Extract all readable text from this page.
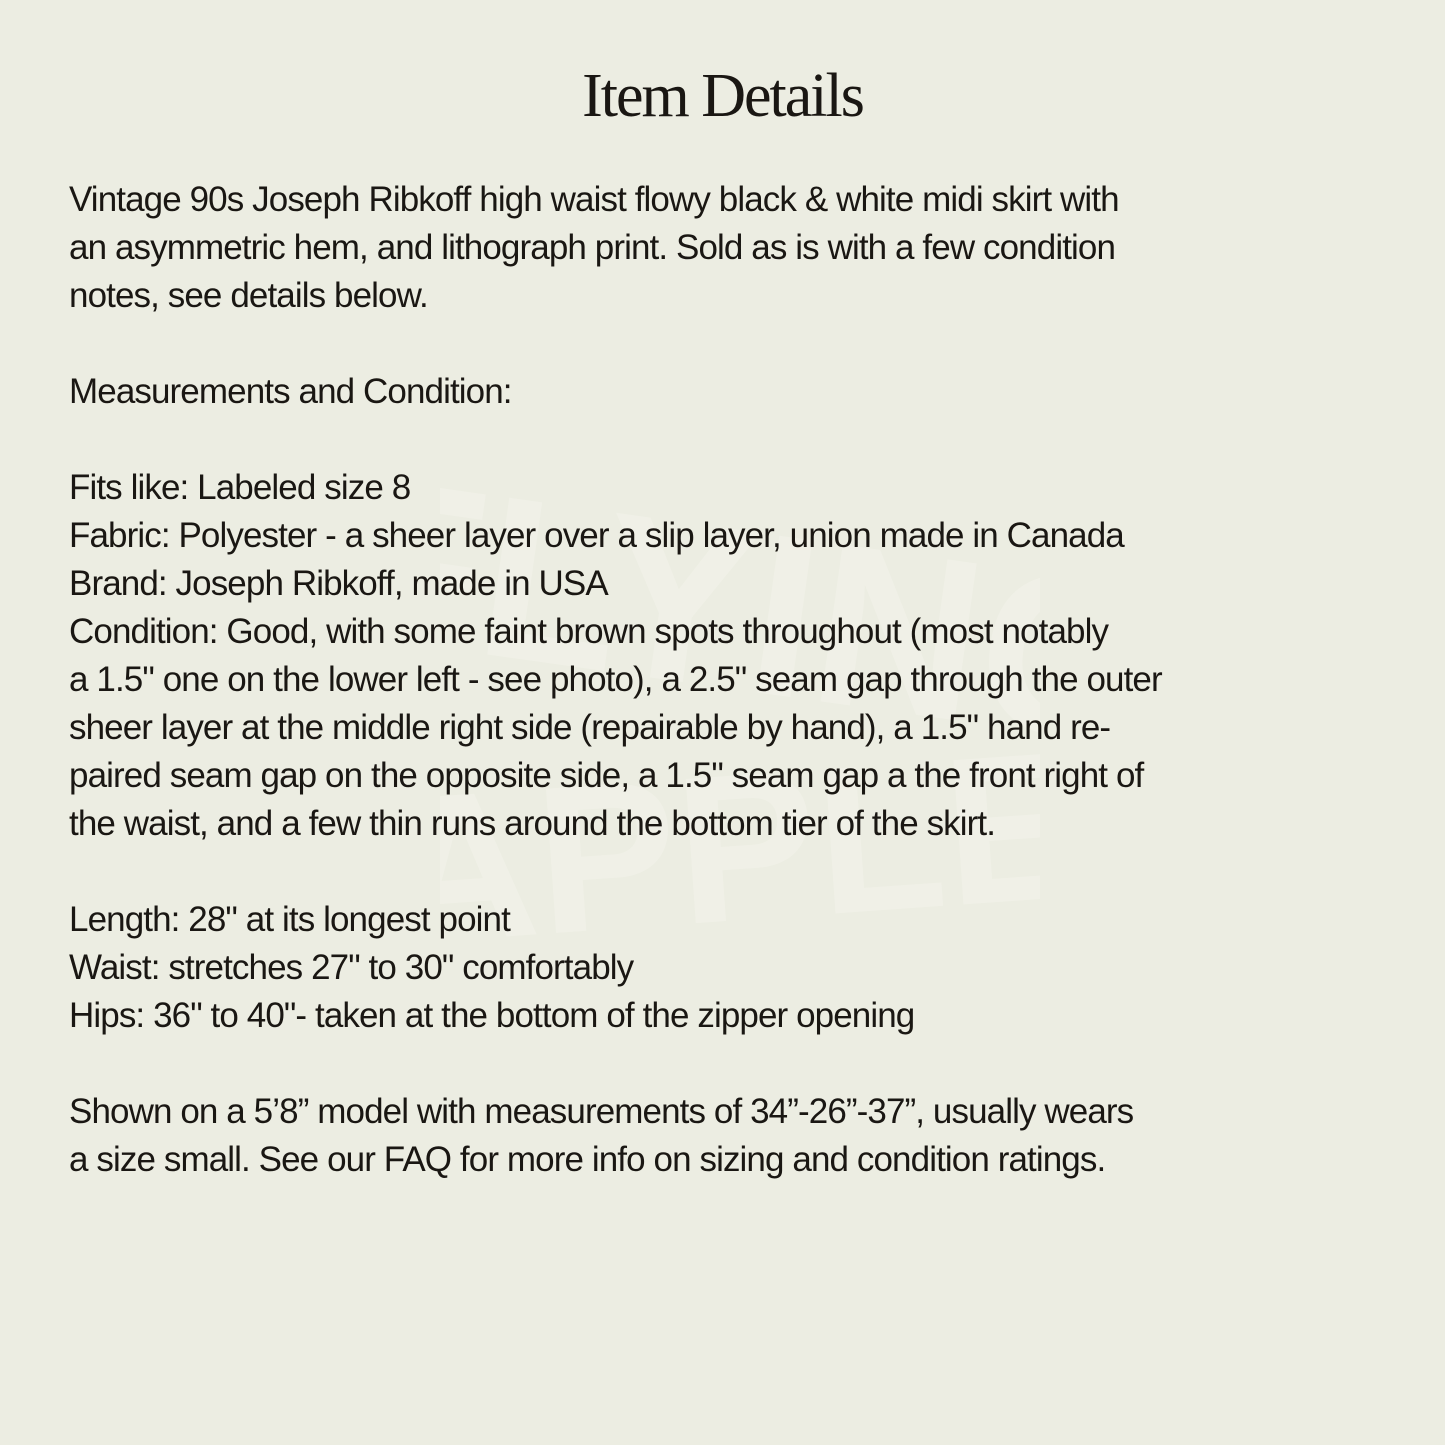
FLYING
APPLE
Item Details

Vintage 90s Joseph Ribkoff high waist flowy black & white midi skirt with
an asymmetric hem, and lithograph print. Sold as is with a few condition
notes, see details below.

Measurements and Condition:

Fits like: Labeled size 8
Fabric: Polyester - a sheer layer over a slip layer, union made in Canada
Brand: Joseph Ribkoff, made in USA
Condition: Good, with some faint brown spots throughout (most notably
a 1.5" one on the lower left - see photo), a 2.5" seam gap through the outer
sheer layer at the middle right side (repairable by hand), a 1.5" hand re-
paired seam gap on the opposite side, a 1.5" seam gap a the front right of
the waist, and a few thin runs around the bottom tier of the skirt.

Length: 28" at its longest point
Waist: stretches 27" to 30" comfortably
Hips: 36" to 40"- taken at the bottom of the zipper opening

Shown on a 5’8” model with measurements of 34”-26”-37”, usually wears
a size small. See our FAQ for more info on sizing and condition ratings.
